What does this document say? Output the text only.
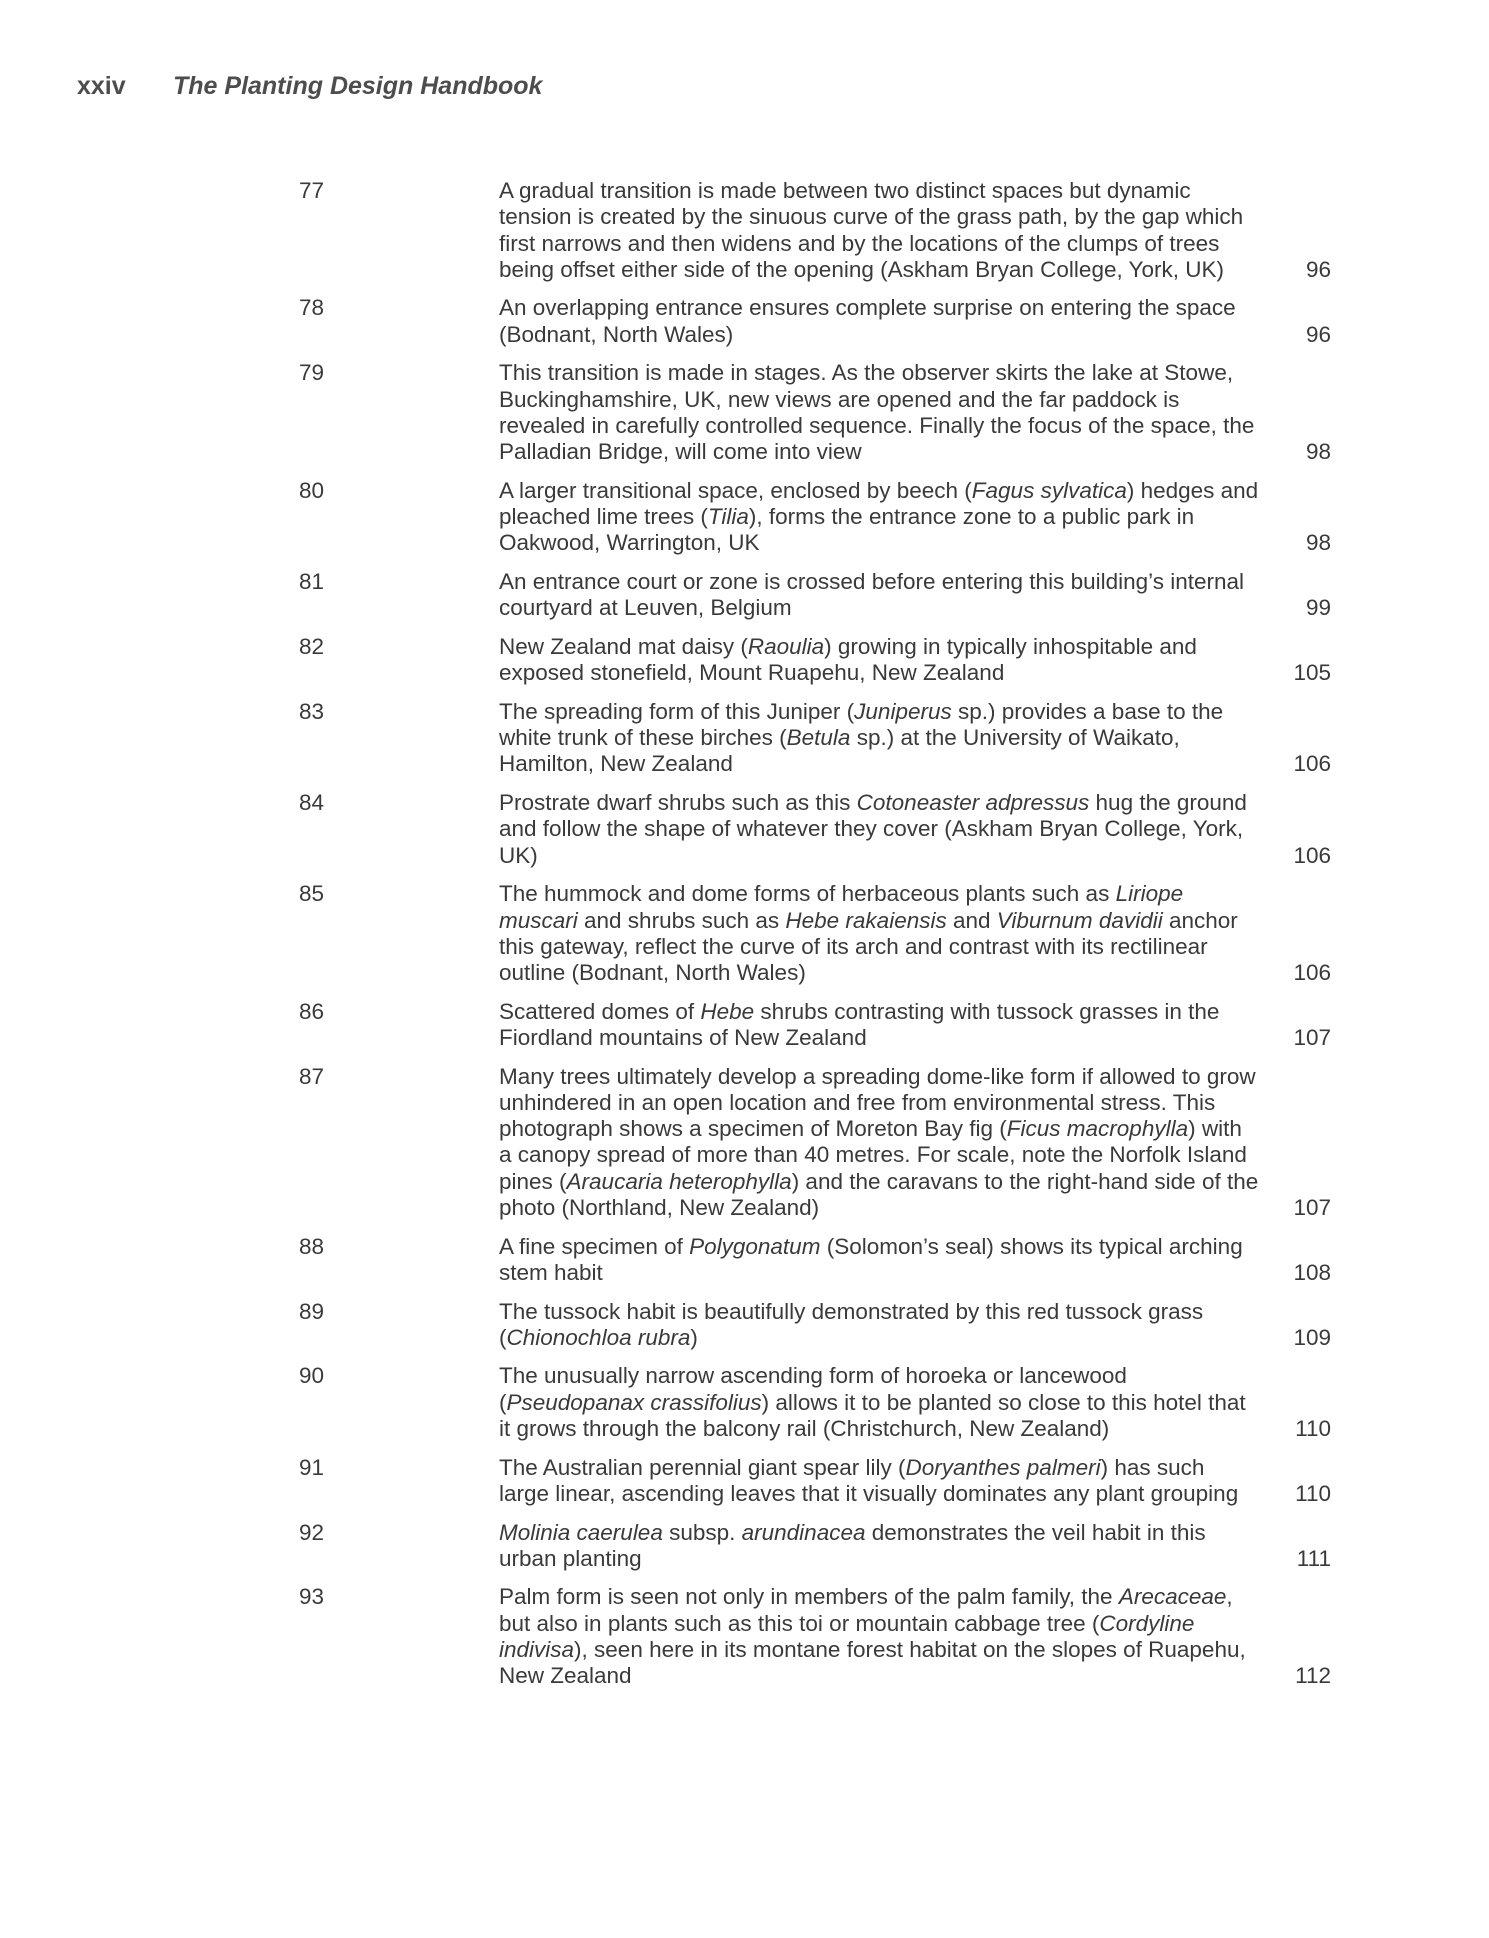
xxiv	The Planting Design Handbook
77	A gradual transition is made between two distinct spaces but dynamic tension is created by the sinuous curve of the grass path, by the gap which first narrows and then widens and by the locations of the clumps of trees being offset either side of the opening (Askham Bryan College, York, UK)	96
78	An overlapping entrance ensures complete surprise on entering the space (Bodnant, North Wales)	96
79	This transition is made in stages. As the observer skirts the lake at Stowe, Buckinghamshire, UK, new views are opened and the far paddock is revealed in carefully controlled sequence. Finally the focus of the space, the Palladian Bridge, will come into view	98
80	A larger transitional space, enclosed by beech (Fagus sylvatica) hedges and pleached lime trees (Tilia), forms the entrance zone to a public park in Oakwood, Warrington, UK	98
81	An entrance court or zone is crossed before entering this building’s internal courtyard at Leuven, Belgium	99
82	New Zealand mat daisy (Raoulia) growing in typically inhospitable and exposed stonefield, Mount Ruapehu, New Zealand	105
83	The spreading form of this Juniper (Juniperus sp.) provides a base to the white trunk of these birches (Betula sp.) at the University of Waikato, Hamilton, New Zealand	106
84	Prostrate dwarf shrubs such as this Cotoneaster adpressus hug the ground and follow the shape of whatever they cover (Askham Bryan College, York, UK)	106
85	The hummock and dome forms of herbaceous plants such as Liriope muscari and shrubs such as Hebe rakaiensis and Viburnum davidii anchor this gateway, reflect the curve of its arch and contrast with its rectilinear outline (Bodnant, North Wales)	106
86	Scattered domes of Hebe shrubs contrasting with tussock grasses in the Fiordland mountains of New Zealand	107
87	Many trees ultimately develop a spreading dome-like form if allowed to grow unhindered in an open location and free from environmental stress. This photograph shows a specimen of Moreton Bay fig (Ficus macrophylla) with a canopy spread of more than 40 metres. For scale, note the Norfolk Island pines (Araucaria heterophylla) and the caravans to the right-hand side of the photo (Northland, New Zealand)	107
88	A fine specimen of Polygonatum (Solomon’s seal) shows its typical arching stem habit	108
89	The tussock habit is beautifully demonstrated by this red tussock grass (Chionochloa rubra)	109
90	The unusually narrow ascending form of horoeka or lancewood (Pseudopanax crassifolius) allows it to be planted so close to this hotel that it grows through the balcony rail (Christchurch, New Zealand)	110
91	The Australian perennial giant spear lily (Doryanthes palmeri) has such large linear, ascending leaves that it visually dominates any plant grouping	110
92	Molinia caerulea subsp. arundinacea demonstrates the veil habit in this urban planting	111
93	Palm form is seen not only in members of the palm family, the Arecaceae, but also in plants such as this toi or mountain cabbage tree (Cordyline indivisa), seen here in its montane forest habitat on the slopes of Ruapehu, New Zealand	112
